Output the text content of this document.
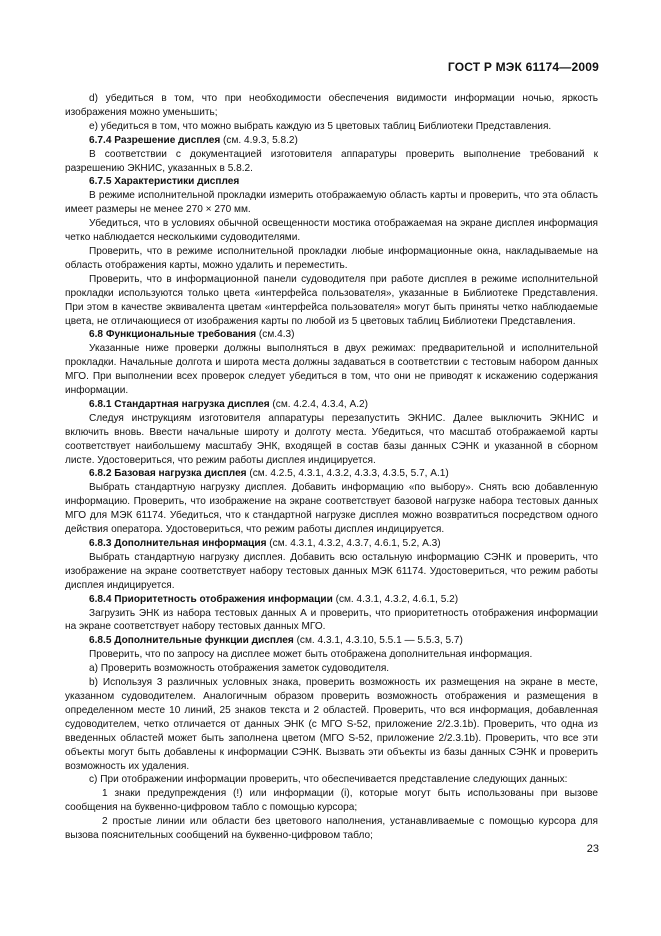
ГОСТ Р МЭК 61174—2009

d) убедиться в том, что при необходимости обеспечения видимости информации ночью, яркость изображения можно уменьшить;

e) убедиться в том, что можно выбрать каждую из 5 цветовых таблиц Библиотеки Представления.

6.7.4 Разрешение дисплея (см. 4.9.3, 5.8.2)

В соответствии с документацией изготовителя аппаратуры проверить выполнение требований к разрешению ЭКНИС, указанных в 5.8.2.

6.7.5 Характеристики дисплея

В режиме исполнительной прокладки измерить отображаемую область карты и проверить, что эта область имеет размеры не менее 270 × 270 мм.

Убедиться, что в условиях обычной освещенности мостика отображаемая на экране дисплея информация четко наблюдается несколькими судоводителями.

Проверить, что в режиме исполнительной прокладки любые информационные окна, накладываемые на область отображения карты, можно удалить и переместить.

Проверить, что в информационной панели судоводителя при работе дисплея в режиме исполнительной прокладки используются только цвета «интерфейса пользователя», указанные в Библиотеке Представления. При этом в качестве эквивалента цветам «интерфейса пользователя» могут быть приняты четко наблюдаемые цвета, не отличающиеся от изображения карты по любой из 5 цветовых таблиц Библиотеки Представления.

6.8 Функциональные требования (см.4.3)

Указанные ниже проверки должны выполняться в двух режимах: предварительной и исполнительной прокладки. Начальные долгота и широта места должны задаваться в соответствии с тестовым набором данных МГО. При выполнении всех проверок следует убедиться в том, что они не приводят к искажению содержания информации.

6.8.1 Стандартная нагрузка дисплея (см. 4.2.4, 4.3.4, А.2)

Следуя инструкциям изготовителя аппаратуры перезапустить ЭКНИС. Далее выключить ЭКНИС и включить вновь. Ввести начальные широту и долготу места. Убедиться, что масштаб отображаемой карты соответствует наибольшему масштабу ЭНК, входящей в состав базы данных СЭНК и указанной в сборном листе. Удостовериться, что режим работы дисплея индицируется.

6.8.2 Базовая нагрузка дисплея (см. 4.2.5, 4.3.1, 4.3.2, 4.3.3, 4.3.5, 5.7, А.1)

Выбрать стандартную нагрузку дисплея. Добавить информацию «по выбору». Снять всю добавленную информацию. Проверить, что изображение на экране соответствует базовой нагрузке набора тестовых данных МГО для МЭК 61174. Убедиться, что к стандартной нагрузке дисплея можно возвратиться посредством одного действия оператора. Удостовериться, что режим работы дисплея индицируется.

6.8.3 Дополнительная информация (см. 4.3.1, 4.3.2, 4.3.7, 4.6.1, 5.2, А.3)

Выбрать стандартную нагрузку дисплея. Добавить всю остальную информацию СЭНК и проверить, что изображение на экране соответствует набору тестовых данных МЭК 61174. Удостовериться, что режим работы дисплея индицируется.

6.8.4 Приоритетность отображения информации (см. 4.3.1, 4.3.2, 4.6.1, 5.2)

Загрузить ЭНК из набора тестовых данных А и проверить, что приоритетность отображения информации на экране соответствует набору тестовых данных МГО.

6.8.5 Дополнительные функции дисплея (см. 4.3.1, 4.3.10, 5.5.1 — 5.5.3, 5.7)

Проверить, что по запросу на дисплее может быть отображена дополнительная информация.

а) Проверить возможность отображения заметок судоводителя.

b) Используя 3 различных условных знака, проверить возможность их размещения на экране в месте, указанном судоводителем. Аналогичным образом проверить возможность отображения и размещения в определенном месте 10 линий, 25 знаков текста и 2 областей. Проверить, что вся информация, добавленная судоводителем, четко отличается от данных ЭНК (с МГО S-52, приложение 2/2.3.1b). Проверить, что одна из введенных областей может быть заполнена цветом (МГО S-52, приложение 2/2.3.1b). Проверить, что все эти объекты могут быть добавлены к информации СЭНК. Вызвать эти объекты из базы данных СЭНК и проверить возможность их удаления.

с) При отображении информации проверить, что обеспечивается представление следующих данных:

1 знаки предупреждения (!) или информации (i), которые могут быть использованы при вызове сообщения на буквенно-цифровом табло с помощью курсора;

2 простые линии или области без цветового наполнения, устанавливаемые с помощью курсора для вызова пояснительных сообщений на буквенно-цифровом табло;

23
